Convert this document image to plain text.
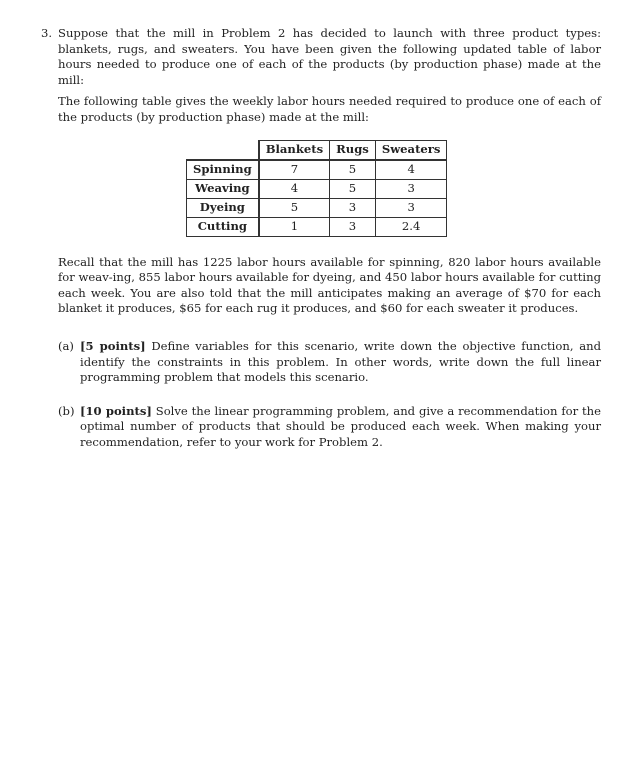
3. Suppose that the mill in Problem 2 has decided to launch with three product types: blankets, rugs, and sweaters. You have been given the following updated table of labor hours needed to produce one of each of the products (by production phase) made at the mill:
The following table gives the weekly labor hours needed required to produce one of each of the products (by production phase) made at the mill:
	Blankets	Rugs	Sweaters
Spinning	7	5	4
Weaving	4	5	3
Dyeing	5	3	3
Cutting	1	3	2.4
Recall that the mill has 1225 labor hours available for spinning, 820 labor hours available for weav-ing, 855 labor hours available for dyeing, and 450 labor hours available for cutting each week. You are also told that the mill anticipates making an average of $70 for each blanket it produces, $65 for each rug it produces, and $60 for each sweater it produces.
(a) [5 points] Define variables for this scenario, write down the objective function, and identify the constraints in this problem. In other words, write down the full linear programming problem that models this scenario.
(b) [10 points] Solve the linear programming problem, and give a recommendation for the optimal number of products that should be produced each week. When making your recommendation, refer to your work for Problem 2.
